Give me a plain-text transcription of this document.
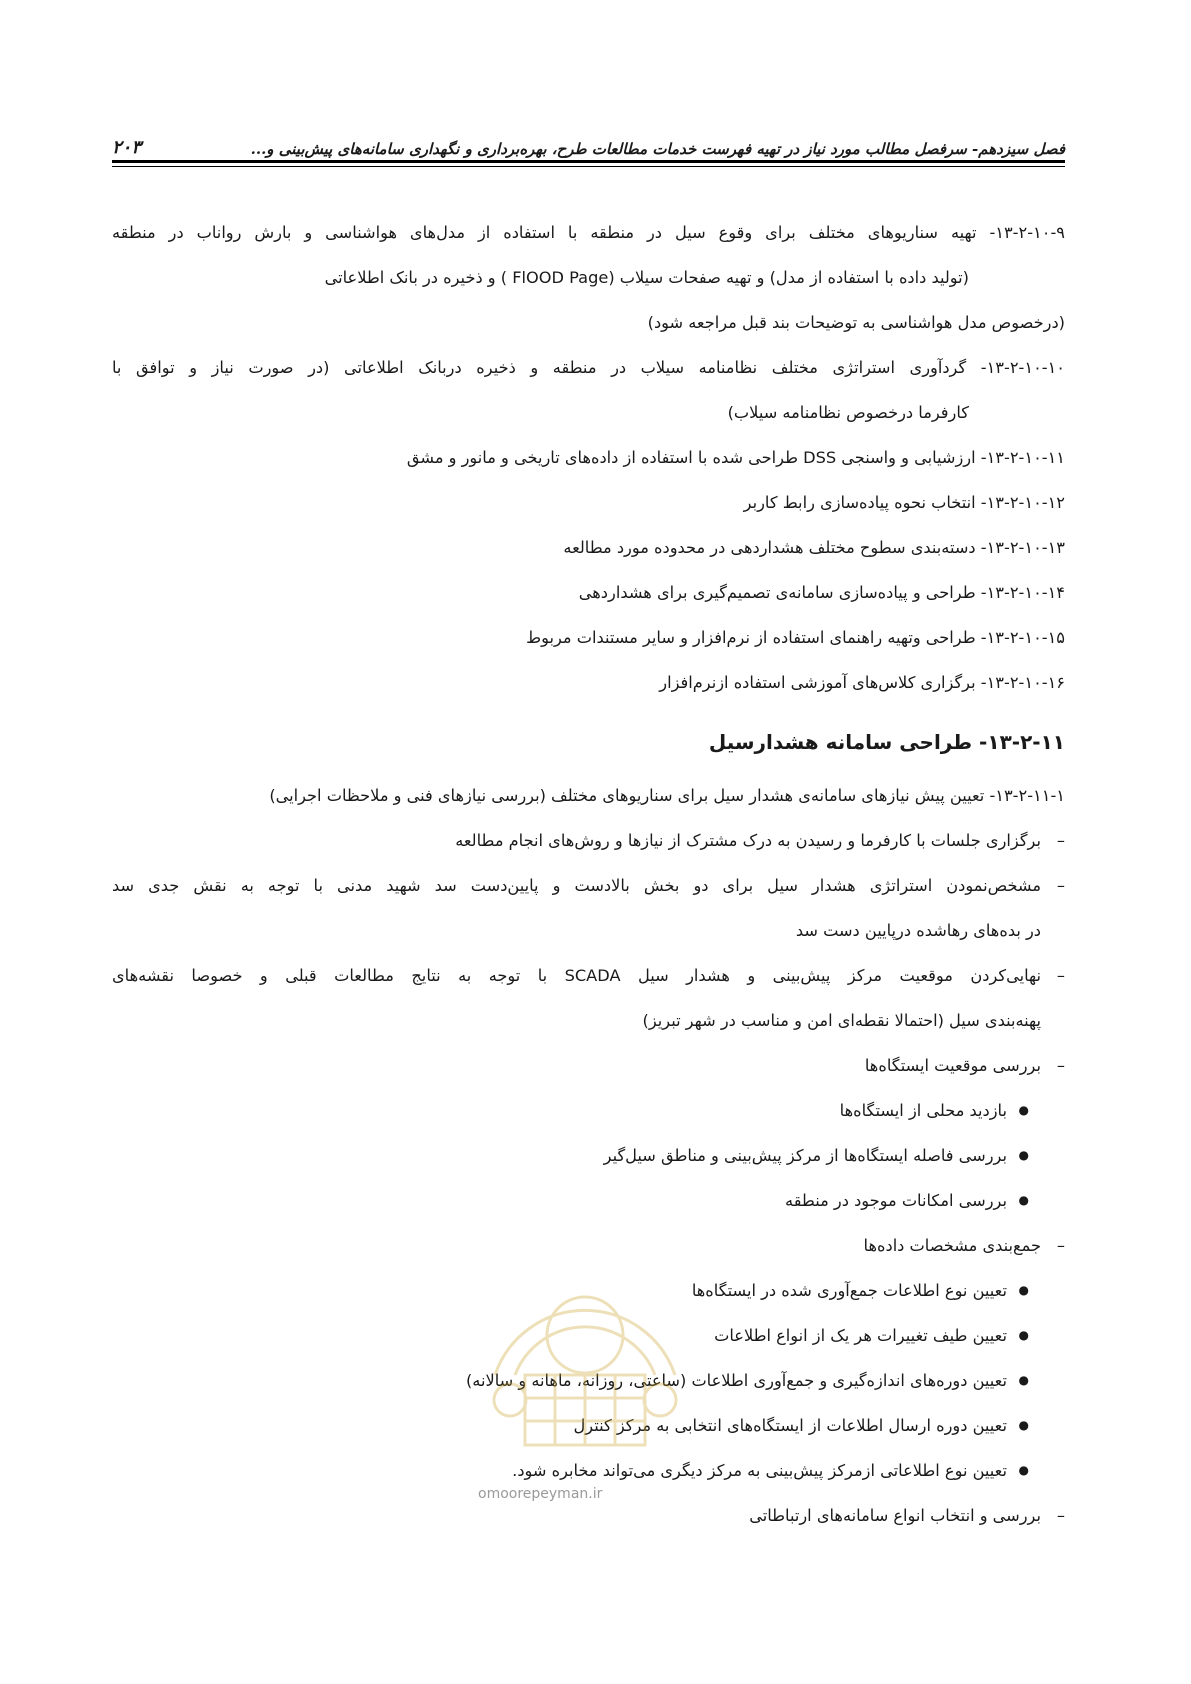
فصل سیزدهم- سرفصل مطالب مورد نیاز در تهیه فهرست خدمات مطالعات طرح، بهره‌برداری و نگهداری سامانه‌های پیش‌بینی و...
۲۰۳
۱۳-۲-۱۰-۹- تهیه سناریوهای مختلف برای وقوع سیل در منطقه با استفاده از مدل‌های هواشناسی و بارش رواناب در منطقه
(تولید داده با استفاده از مدل) و تهیه صفحات سیلاب (FlOOD Page ) و ذخیره در بانک اطلاعاتی
(درخصوص مدل هواشناسی به توضیحات بند قبل مراجعه شود)
۱۳-۲-۱۰-۱۰- گردآوری استراتژی مختلف نظامنامه سیلاب در منطقه و ذخیره دربانک اطلاعاتی (در صورت نیاز و توافق با
کارفرما درخصوص نظامنامه سیلاب)
۱۳-۲-۱۰-۱۱- ارزشیابی و واسنجی DSS طراحی شده با استفاده از داده‌های تاریخی و مانور و مشق
۱۳-۲-۱۰-۱۲- انتخاب نحوه پیاده‌سازی رابط کاربر
۱۳-۲-۱۰-۱۳- دسته‌بندی سطوح مختلف هشداردهی در محدوده مورد مطالعه
۱۳-۲-۱۰-۱۴- طراحی و پیاده‌سازی سامانه‌ی تصمیم‌گیری برای هشداردهی
۱۳-۲-۱۰-۱۵- طراحی وتهیه راهنمای استفاده از نرم‌افزار و سایر مستندات مربوط
۱۳-۲-۱۰-۱۶- برگزاری کلاس‌های آموزشی استفاده ازنرم‌افزار
۱۳-۲-۱۱- طراحی سامانه هشدارسیل
۱۳-۲-۱۱-۱- تعیین پیش نیازهای سامانه‌ی هشدار سیل برای سناریوهای مختلف (بررسی نیازهای فنی و ملاحظات اجرایی)
–
برگزاری جلسات با کارفرما و رسیدن به درک مشترک از نیازها و روش‌های انجام مطالعه
–
مشخص‌نمودن استراتژی هشدار سیل برای دو بخش بالادست و پایین‌دست سد شهید مدنی با توجه به نقش جدی سد
در بده‌های رهاشده درپایین دست سد
–
نهایی‌کردن موقعیت مرکز پیش‌بینی و هشدار سیل SCADA با توجه به نتایج مطالعات قبلی و خصوصا نقشه‌های
پهنه‌بندی سیل (احتمالا نقطه‌ای امن و مناسب در شهر تبریز)
–
بررسی موقعیت ایستگاه‌ها
●
بازدید محلی از ایستگاه‌ها
●
بررسی فاصله ایستگاه‌ها از مرکز پیش‌بینی و مناطق سیل‌گیر
●
بررسی امکانات موجود در منطقه
–
جمع‌بندی مشخصات داده‌ها
●
تعیین نوع اطلاعات جمع‌آوری شده در ایستگاه‌ها
●
تعیین طیف تغییرات هر یک از انواع اطلاعات
●
تعیین دوره‌های اندازه‌گیری و جمع‌آوری اطلاعات (ساعتی، روزانه، ماهانه و سالانه)
●
تعیین دوره ارسال اطلاعات از ایستگاه‌های انتخابی به مرکز کنترل
●
تعیین نوع اطلاعاتی ازمرکز پیش‌بینی به مرکز دیگری می‌تواند مخابره شود.
–
بررسی و انتخاب انواع سامانه‌های ارتباطاتی
omoorepeyman.ir
